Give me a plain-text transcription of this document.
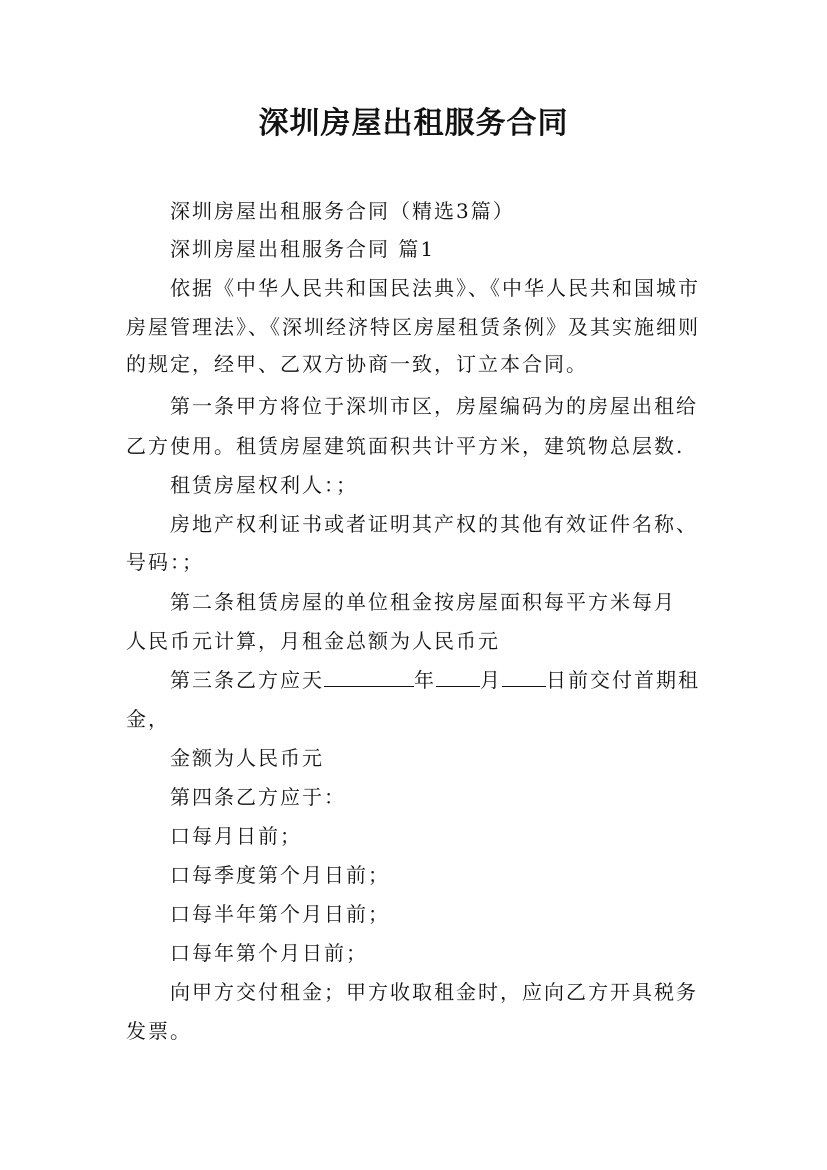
深圳房屋出租服务合同
深圳房屋出租服务合同（精选3篇）
深圳房屋出租服务合同 篇1
依据《中华人民共和国民法典》、《中华人民共和国城市
房屋管理法》、《深圳经济特区房屋租赁条例》及其实施细则
的规定，经甲、乙双方协商一致，订立本合同。
第一条甲方将位于深圳市区，房屋编码为的房屋出租给
乙方使用。租赁房屋建筑面积共计平方米，建筑物总层数.
租赁房屋权利人：；
房地产权利证书或者证明其产权的其他有效证件名称、
号码：；
第二条租赁房屋的单位租金按房屋面积每平方米每月
人民币元计算，月租金总额为人民币元
第三条乙方应天	年 月 日前交付首期租
金，
金额为人民币元
第四条乙方应于：
口每月日前；
口每季度第个月日前；
口每半年第个月日前；
口每年第个月日前；
向甲方交付租金；甲方收取租金时，应向乙方开具税务
发票。
